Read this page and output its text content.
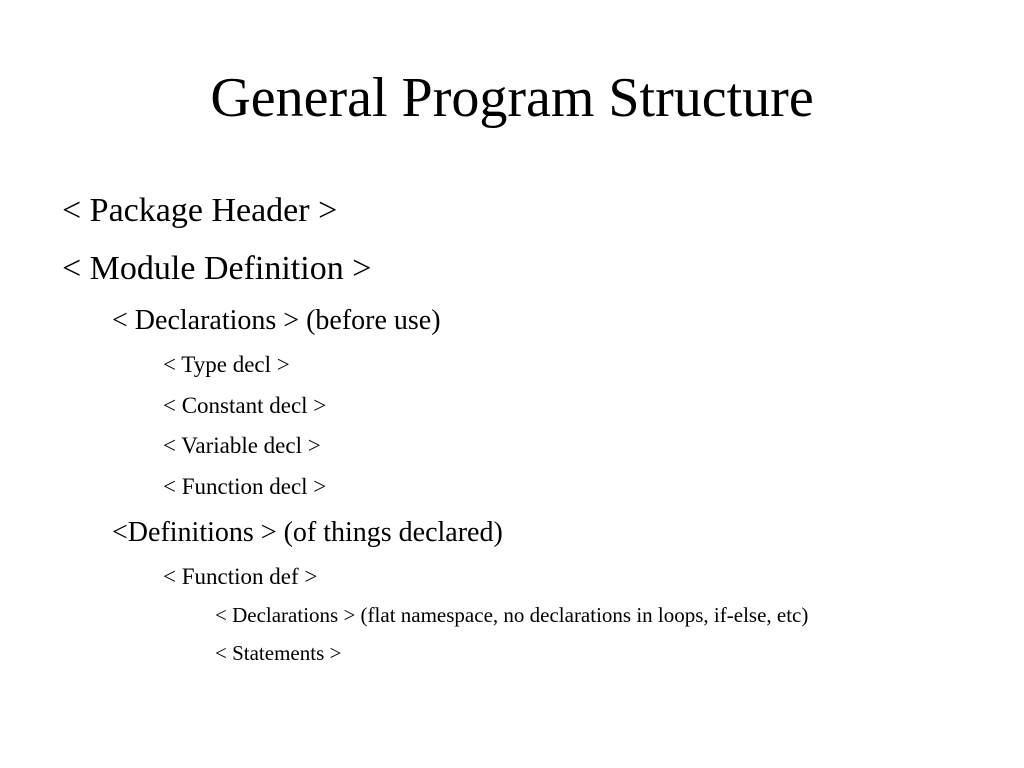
General Program Structure
< Package Header >
< Module Definition >
< Declarations > (before use)
< Type decl >
< Constant decl >
< Variable decl >
< Function decl >
<Definitions > (of things declared)
< Function def >
< Declarations > (flat namespace, no declarations in loops, if-else, etc)
< Statements >
